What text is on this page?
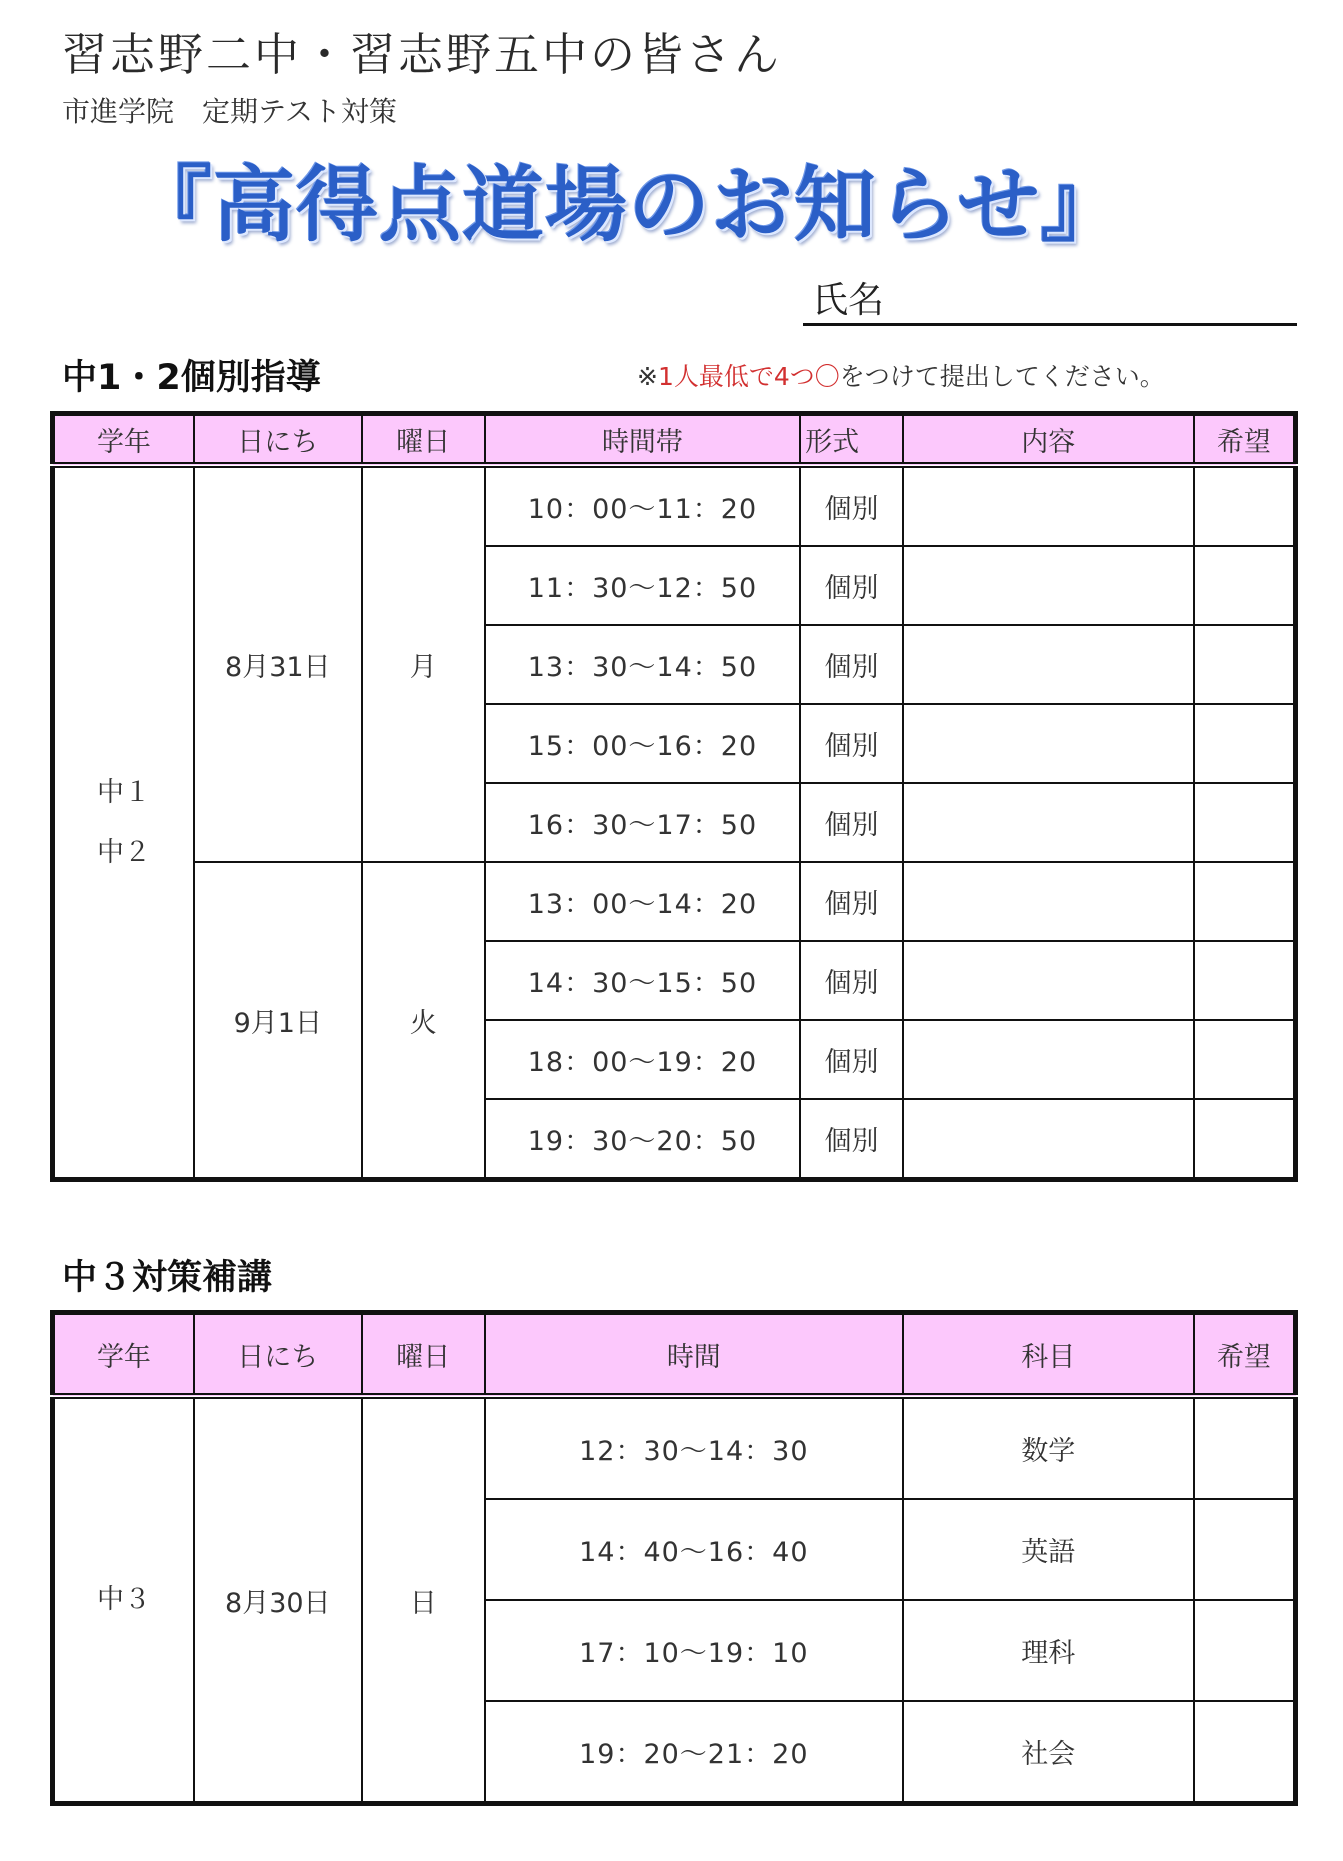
習志野二中・習志野五中の皆さん
市進学院　定期テスト対策
『高得点道場のお知らせ』
氏名
中1・2個別指導	※1人最低で4つ〇をつけて提出してください。
学年	日にち	曜日	時間帯	形式	内容	希望
中１
中２	8月31日	月	10：00～11：20	個別		
			11：30～12：50	個別		
			13：30～14：50	個別		
			15：00～16：20	個別		
			16：30～17：50	個別		
	9月1日	火	13：00～14：20	個別		
			14：30～15：50	個別		
			18：00～19：20	個別		
			19：30～20：50	個別		
中３対策補講
学年	日にち	曜日	時間	科目	希望
中３	8月30日	日	12：30～14：30	数学	
			14：40～16：40	英語	
			17：10～19：10	理科	
			19：20～21：20	社会	
